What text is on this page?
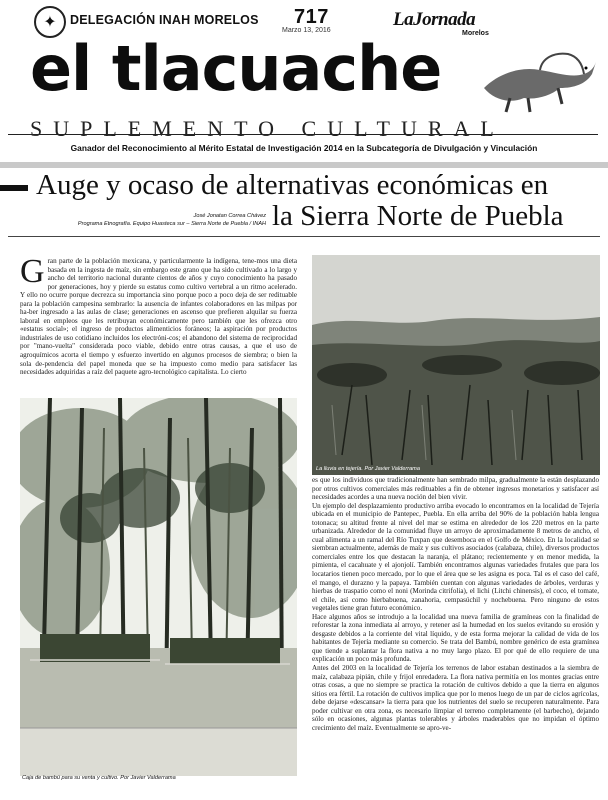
✦	DELEGACIÓN INAH MORELOS 717
Marzo 13, 2016
LaJornada
Morelos
el tlacuache
SUPLEMENTO CULTURAL
Ganador del Reconocimiento al Mérito Estatal de Investigación 2014 en la Subcategoría de Divulgación y Vinculación
Auge y ocaso de alternativas económicas en
la Sierra Norte de Puebla
José Jonatan Correa Chávez
Programa Etnografía. Equipo Huasteca sur – Sierra Norte de Puebla / INAH
Gran parte de la población mexicana, y particularmente la indígena, tene-mos una dieta basada en la ingesta de maíz, sin embargo este grano que ha sido cultivado a lo largo y ancho del territorio nacional durante cientos de años y cuyo conocimiento ha pasado por generaciones, hoy y pierde su estatus como cultivo vertebral a un ritmo acelerado. Y ello no ocurre porque decrezca su importancia sino porque poco a poco deja de ser redituable para la población campesina sembrarlo: la ausencia de infantes colaboradores en las milpas por ha-ber ingresado a las aulas de clase; generaciones en ascenso que prefieren alquilar su fuerza laboral en empleos que les retribuyan económicamente pero también que les ofrezca otro «estatus social»; el ingreso de productos alimenticios foráneos; la aspiración por productos industriales de uso cotidiano incluidos los electróni-cos; el abandono del sistema de reciprocidad por "mano-vuelta" considerada poco viable, debido entre otras causas, a que el uso de agroquímicos acorta el tiempo y esfuerzo invertido en algunos procesos de siembra; o bien la sola de-pendencia del papel moneda que se ha impuesto como medio para satisfacer las necesidades adquiridas a raíz del paquete agro-tecnológico capitalista. Lo cierto
Caja de bambú para su venta y cultivo. Por Javier Valderrama
La lluvia en tejería. Por Javier Valderrama

es que los individuos que tradicionalmente han sembrado milpa, gradualmente la están desplazando por otros cultivos comerciales más redituables a fin de obtener ingresos monetarios y satisfacer así necesidades acordes a una nueva noción del bien vivir.

Un ejemplo del desplazamiento productivo arriba evocado lo encontramos en la localidad de Tejería ubicada en el municipio de Pantepec, Puebla. En ella arriba del 90% de la población habla lengua totonaca; su altitud frente al nivel del mar se estima en alrededor de los 220 metros en la parte urbanizada. Alrededor de la comunidad fluye un arroyo de aproximadamente 8 metros de ancho, el cual alimenta a un ramal del Río Tuxpan que desemboca en el Golfo de México. En la localidad se siembran actualmente, además de maíz y sus cultivos asociados (calabaza, chile), diversos productos comerciales entre los que destacan la naranja, el plátano; recientemente y en menor medida, la pimienta, el cacahuate y el ajonjolí. También encontramos algunas variedades frutales que para los locatarios tienen poco mercado, por lo que el área que se les asigna es poca. Tal es el caso del café, el mango, el durazno y la papaya. También cuentan con algunas variedades de árboles, verduras y hierbas de traspatio como el noni (Morinda citrifolia), el lichi (Litchi chinensis), el coco, el tomate, el chile, así como hierbabuena, zanahoria, cempasúchil y nochebuena. Pero ninguno de estos vegetales tiene gran futuro económico.

Hace algunos años se introdujo a la localidad una nueva familia de gramíneas con la finalidad de reforestar la zona inmediata al arroyo, y retener así la humedad en los suelos evitando su erosión y desgaste debidos a la corriente del vital líquido, y de esta forma mejorar la calidad de vida de los habitantes de Tejería mediante su comercio. Se trata del Bambú, nombre genérico de esta gramínea que tiende a suplantar la flora nativa a no muy largo plazo. El por qué de ello requiere de una explicación un poco más profunda.

Antes del 2003 en la localidad de Tejería los terrenos de labor estaban destinados a la siembra de maíz, calabaza pipián, chile y frijol enredadera. La flora nativa permitía en los montes gracias entre otras cosas, a que no siempre se practica la rotación de cultivos debido a que la tierra en algunos sitios era fértil. La rotación de cultivos implica que por lo menos luego de un par de ciclos agrícolas, debe dejarse «descansar» la tierra para que los nutrientes del suelo se recuperen naturalmente. Para poder cultivar en otra zona, es necesario limpiar el terreno completamente (el barbecho), dejando sólo en ocasiones, algunas plantas tolerables y árboles maderables que no impidan el óptimo crecimiento del maíz. Eventualmente se apro-ve-
